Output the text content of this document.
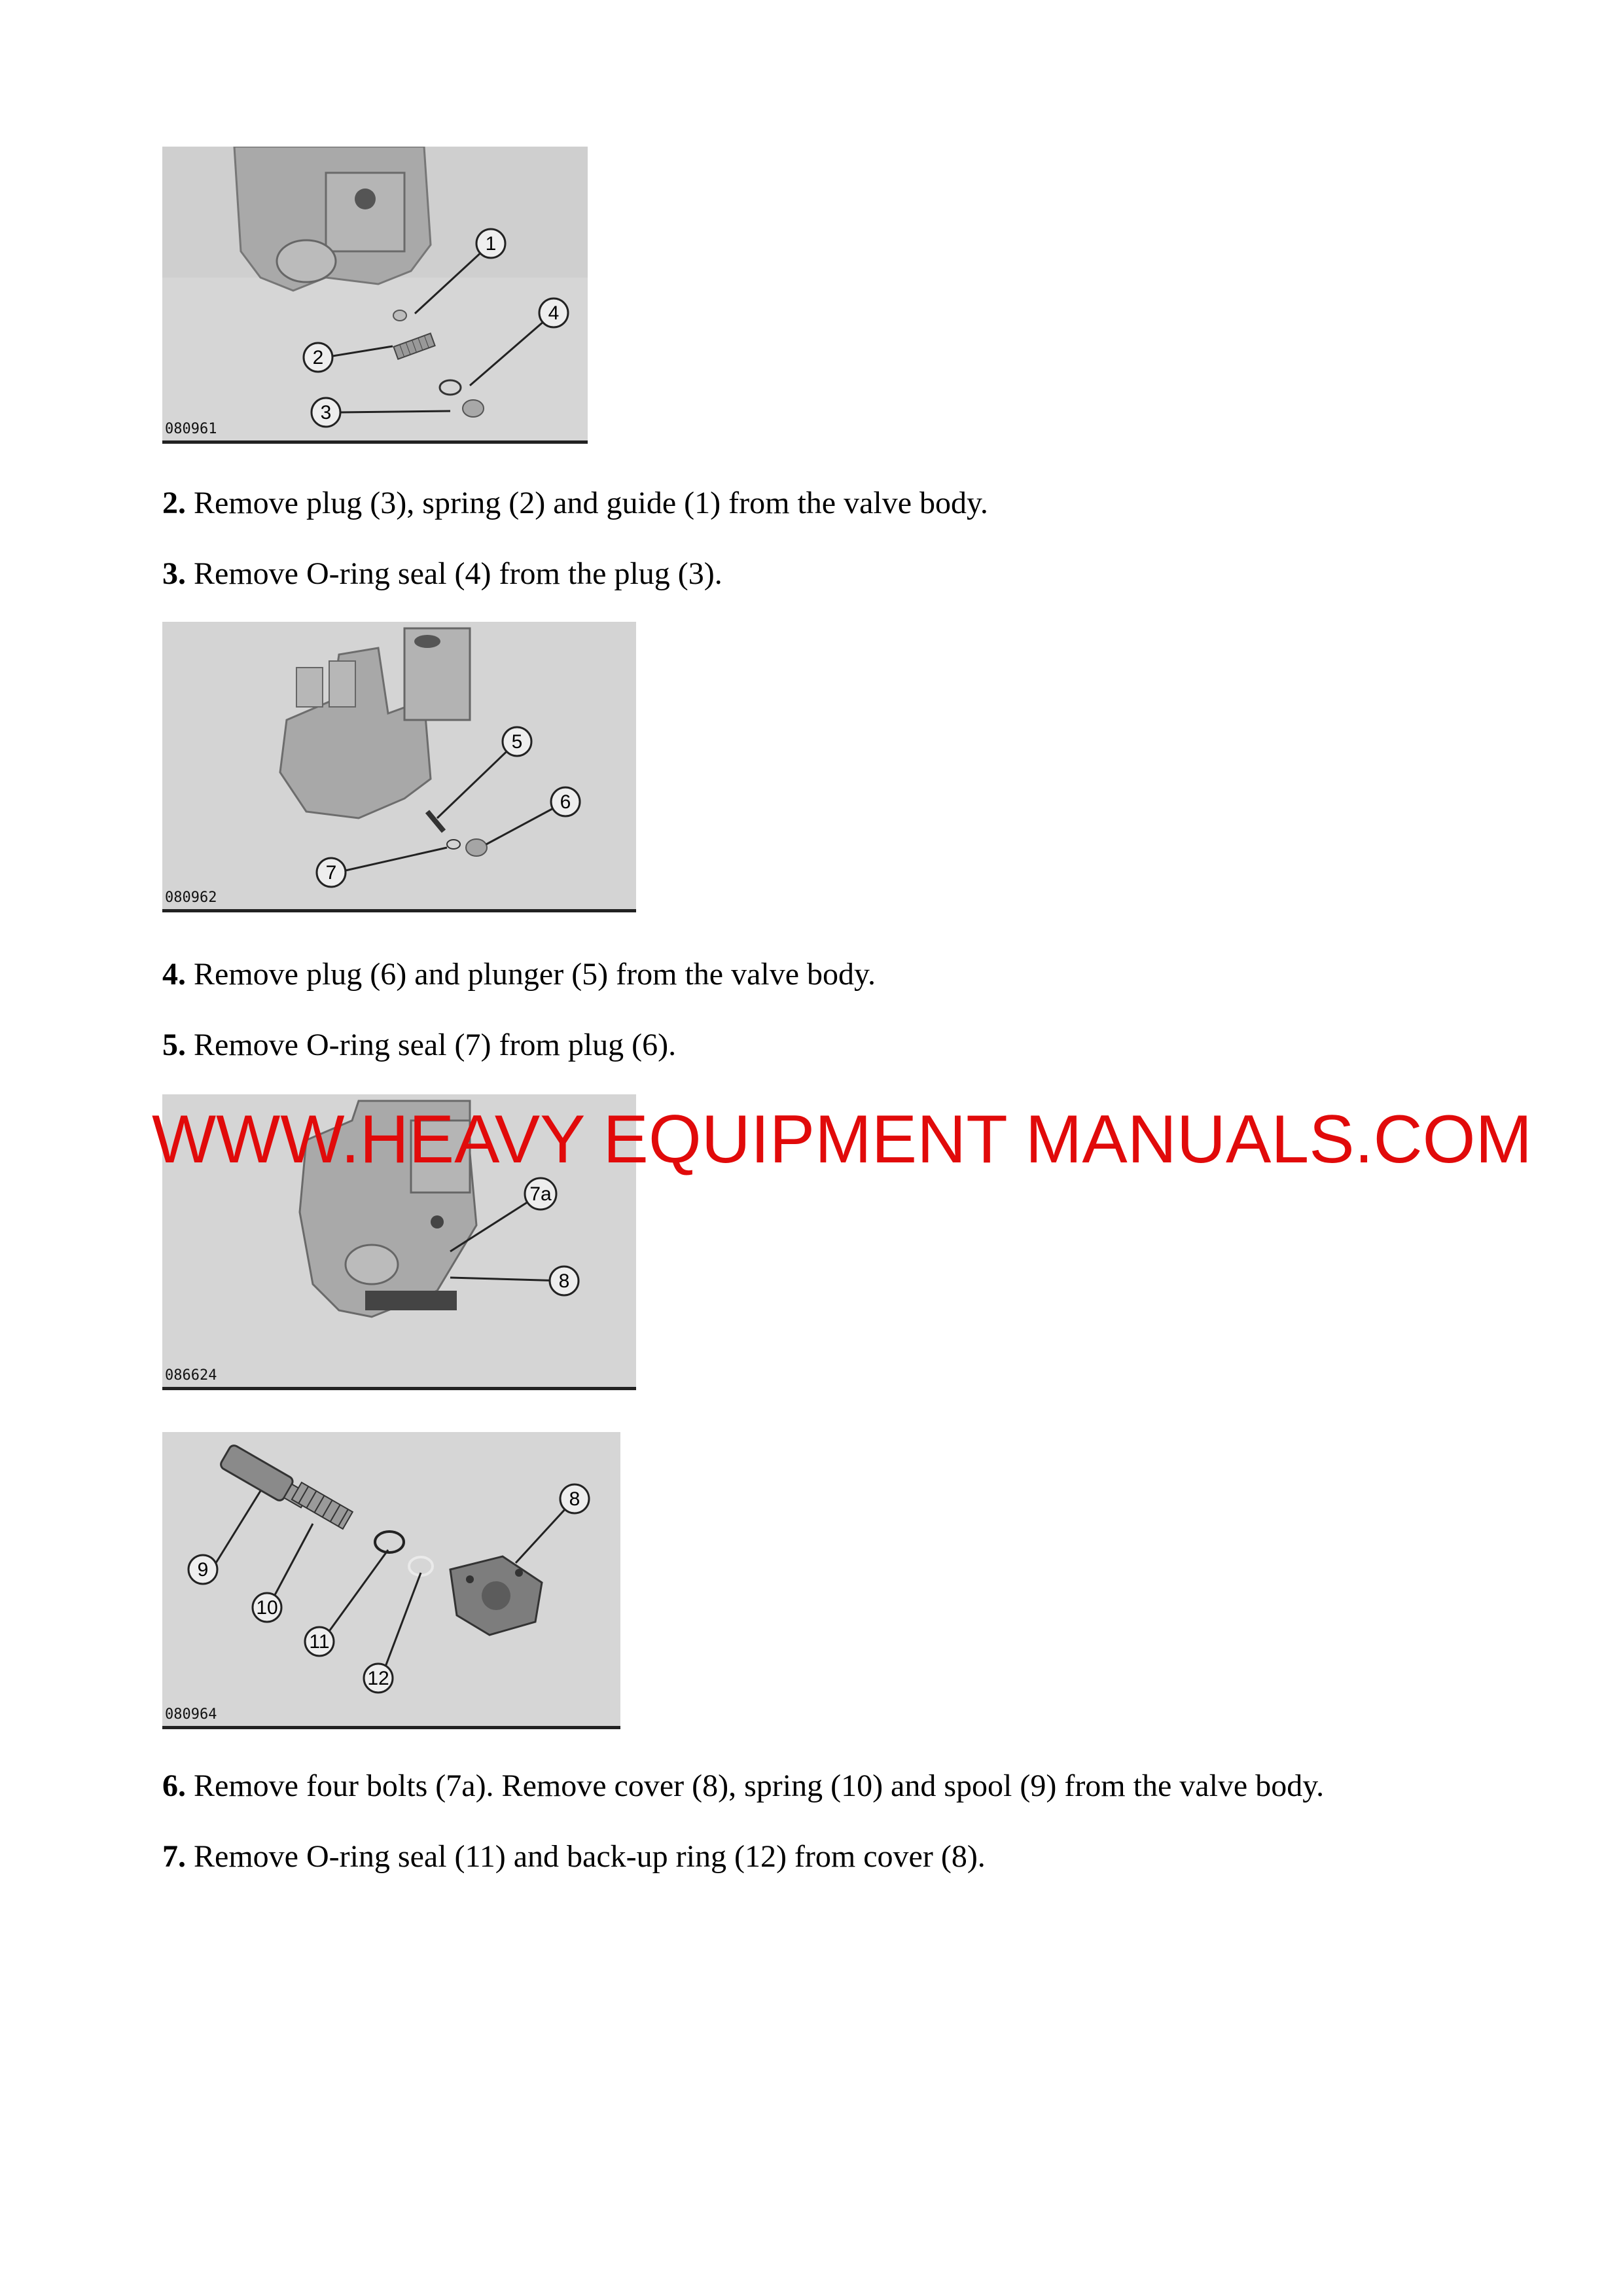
1
2
3
4
080961

2. Remove plug (3), spring (2) and guide (1) from the valve body.

3. Remove O-ring seal (4) from the plug (3).

5
6
7
080962

4. Remove plug (6) and plunger (5) from the valve body.

5. Remove O-ring seal (7) from plug (6).

7a
8
086624
8
9
10
11
12
080964

6. Remove four bolts (7a). Remove cover (8), spring (10) and spool (9) from the valve body.

7. Remove O-ring seal (11) and back-up ring (12) from cover (8).

WWW.HEAVY EQUIPMENT MANUALS.COM
